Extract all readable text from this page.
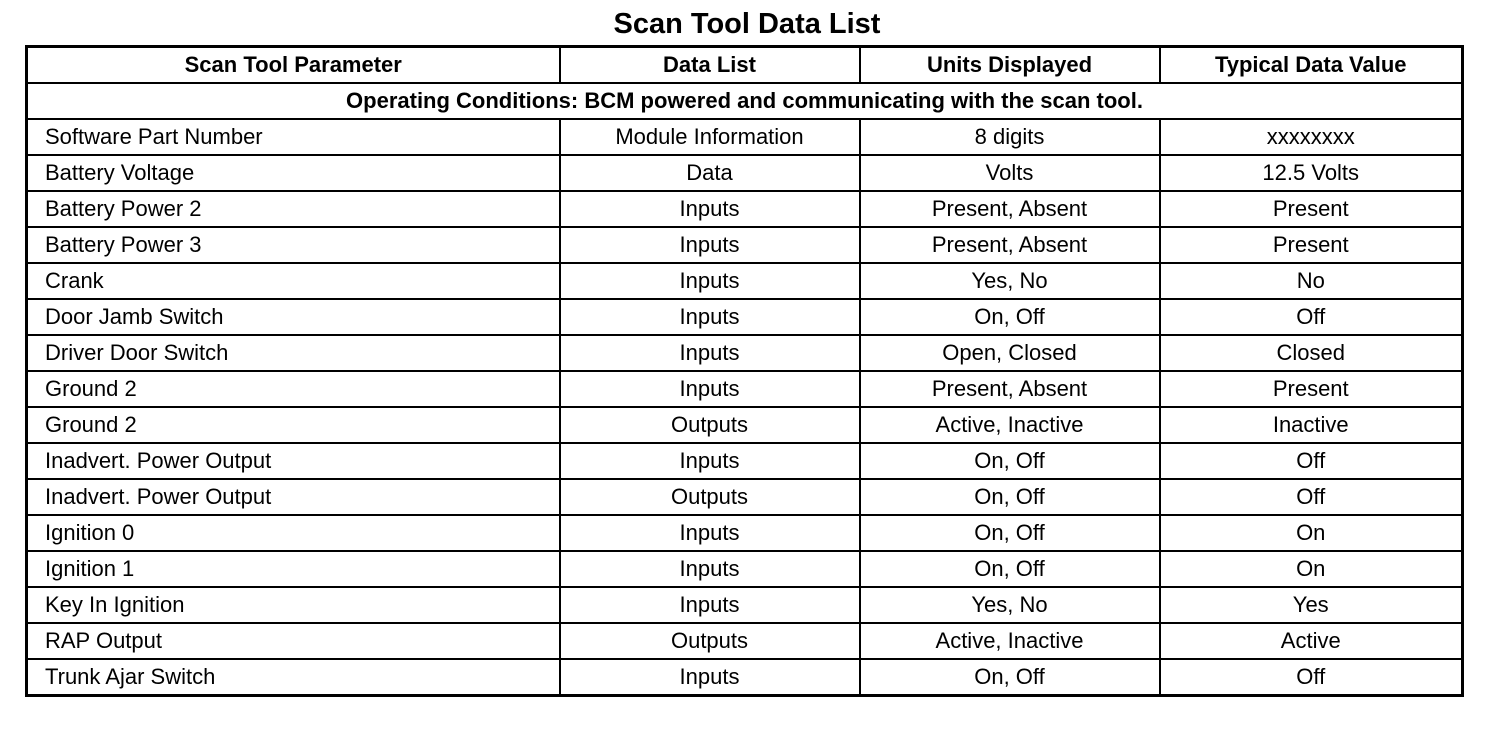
Scan Tool Data List
Scan Tool Parameter	Data List	Units Displayed	Typical Data Value
Operating Conditions: BCM powered and communicating with the scan tool.			
Software Part Number	Module Information	8 digits	xxxxxxxx
Battery Voltage	Data	Volts	12.5 Volts
Battery Power 2	Inputs	Present, Absent	Present
Battery Power 3	Inputs	Present, Absent	Present
Crank	Inputs	Yes, No	No
Door Jamb Switch	Inputs	On, Off	Off
Driver Door Switch	Inputs	Open, Closed	Closed
Ground 2	Inputs	Present, Absent	Present
Ground 2	Outputs	Active, Inactive	Inactive
Inadvert. Power Output	Inputs	On, Off	Off
Inadvert. Power Output	Outputs	On, Off	Off
Ignition 0	Inputs	On, Off	On
Ignition 1	Inputs	On, Off	On
Key In Ignition	Inputs	Yes, No	Yes
RAP Output	Outputs	Active, Inactive	Active
Trunk Ajar Switch	Inputs	On, Off	Off
